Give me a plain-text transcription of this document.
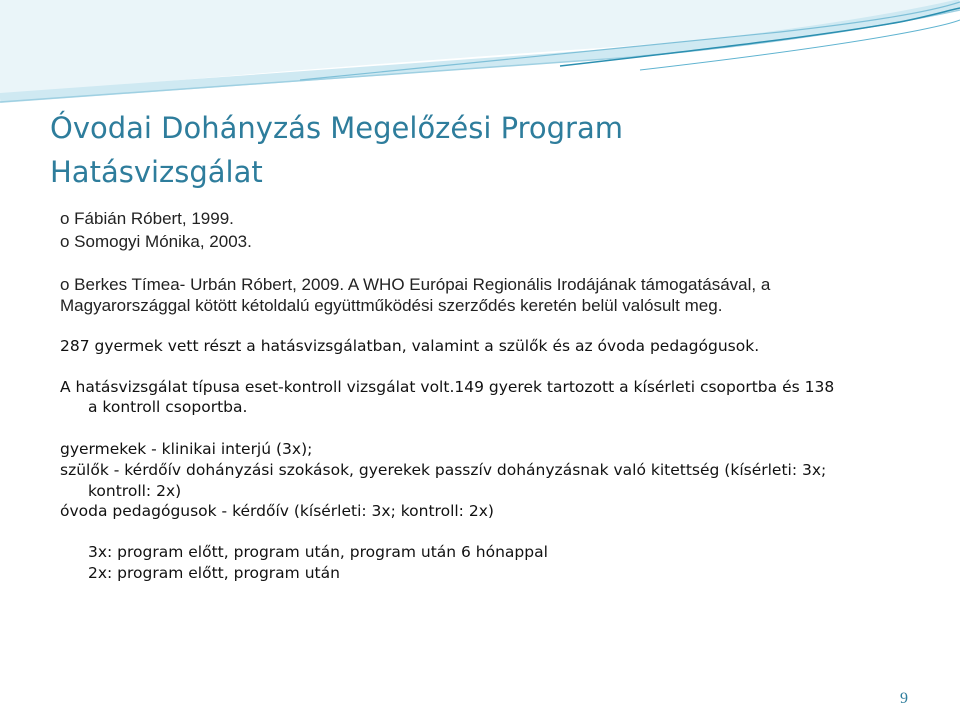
Óvodai Dohányzás Megelőzési Program
Hatásvizsgálat
o Fábián Róbert, 1999.
o Somogyi Mónika, 2003.
o Berkes Tímea- Urbán Róbert, 2009. A WHO Európai Regionális Irodájának támogatásával, a
Magyarországgal kötött kétoldalú együttműködési szerződés keretén belül valósult meg.
287 gyermek vett részt a hatásvizsgálatban, valamint a szülők és az óvoda pedagógusok.
A hatásvizsgálat típusa eset-kontroll vizsgálat volt.149 gyerek tartozott a kísérleti csoportba és 138
a kontroll csoportba.
gyermekek - klinikai interjú (3x);
szülők - kérdőív dohányzási szokások, gyerekek passzív dohányzásnak való kitettség (kísérleti: 3x;
kontroll: 2x)
óvoda pedagógusok - kérdőív (kísérleti: 3x; kontroll: 2x)
3x: program előtt, program után, program után 6 hónappal
2x: program előtt, program után
9
